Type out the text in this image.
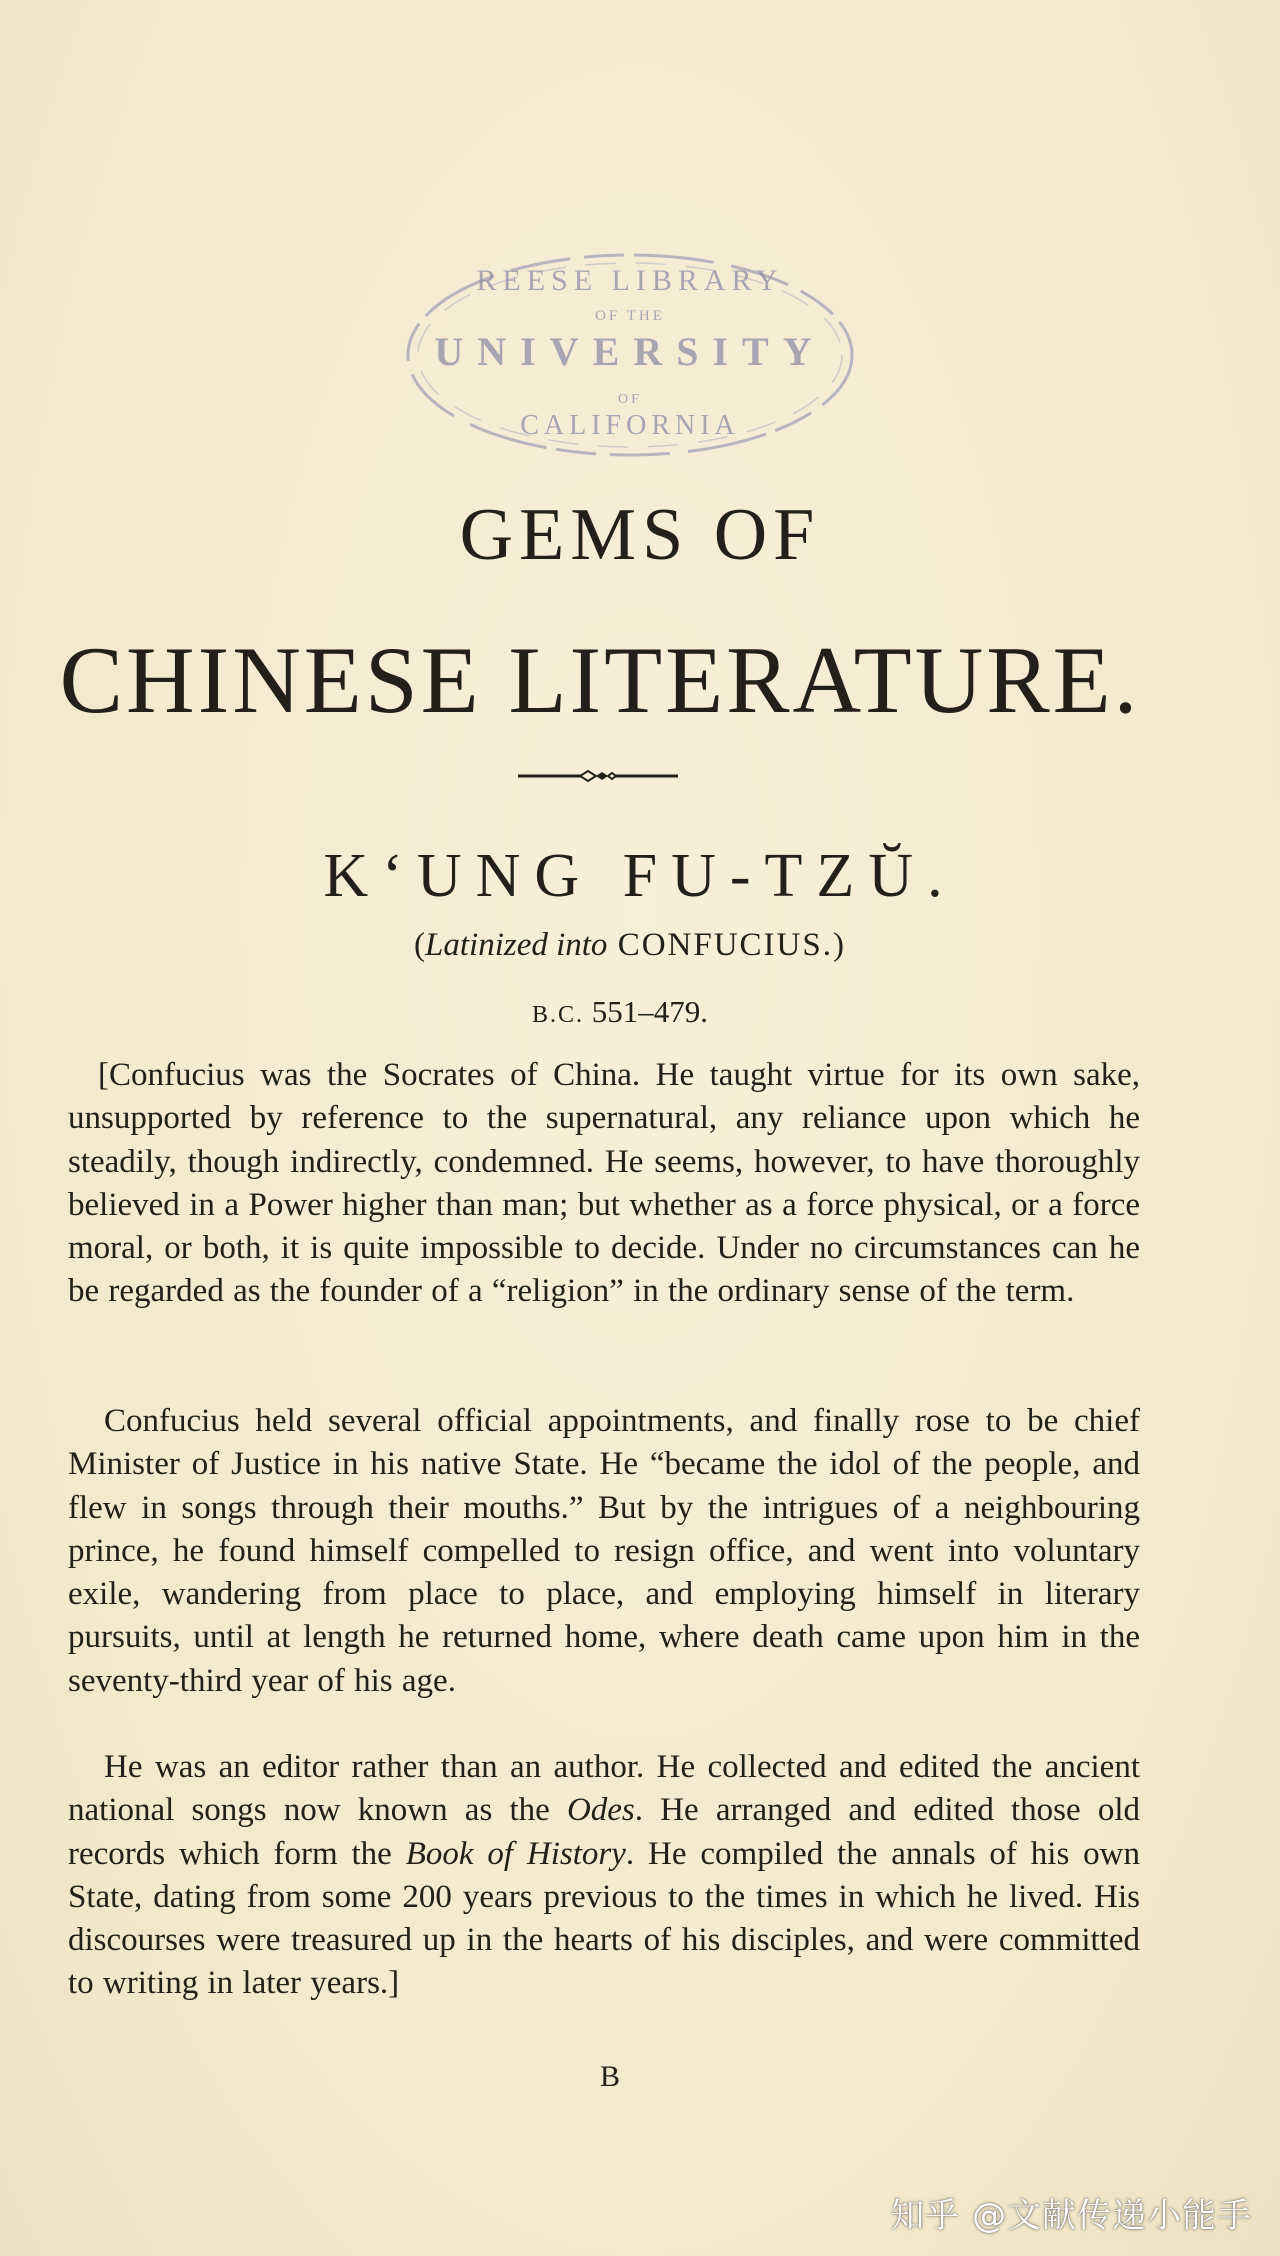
REESE LIBRARY
OF THE
UNIVERSITY
OF
CALIFORNIA
GEMS OF
CHINESE LITERATURE.
K‘UNG FU-TZŬ.
(Latinized into CONFUCIUS.)
B.C. 551–479.

[Confucius was the Socrates of China. He taught virtue for its own sake, unsupported by reference to the supernatural, any reliance upon which he steadily, though indirectly, condemned. He seems, however, to have thoroughly believed in a Power higher than man; but whether as a force physical, or a force moral, or both, it is quite impossible to decide. Under no circumstances can he be regarded as the founder of a “religion” in the ordinary sense of the term.

Confucius held several official appointments, and finally rose to be chief Minister of Justice in his native State. He “became the idol of the people, and flew in songs through their mouths.” But by the intrigues of a neighbouring prince, he found himself compelled to resign office, and went into voluntary exile, wandering from place to place, and employing himself in literary pursuits, until at length he returned home, where death came upon him in the seventy-third year of his age.

He was an editor rather than an author. He collected and edited the ancient national songs now known as the Odes. He arranged and edited those old records which form the Book of History. He compiled the annals of his own State, dating from some 200 years previous to the times in which he lived. His discourses were treasured up in the hearts of his disciples, and were committed to writing in later years.]

B
知乎 @文献传递小能手
